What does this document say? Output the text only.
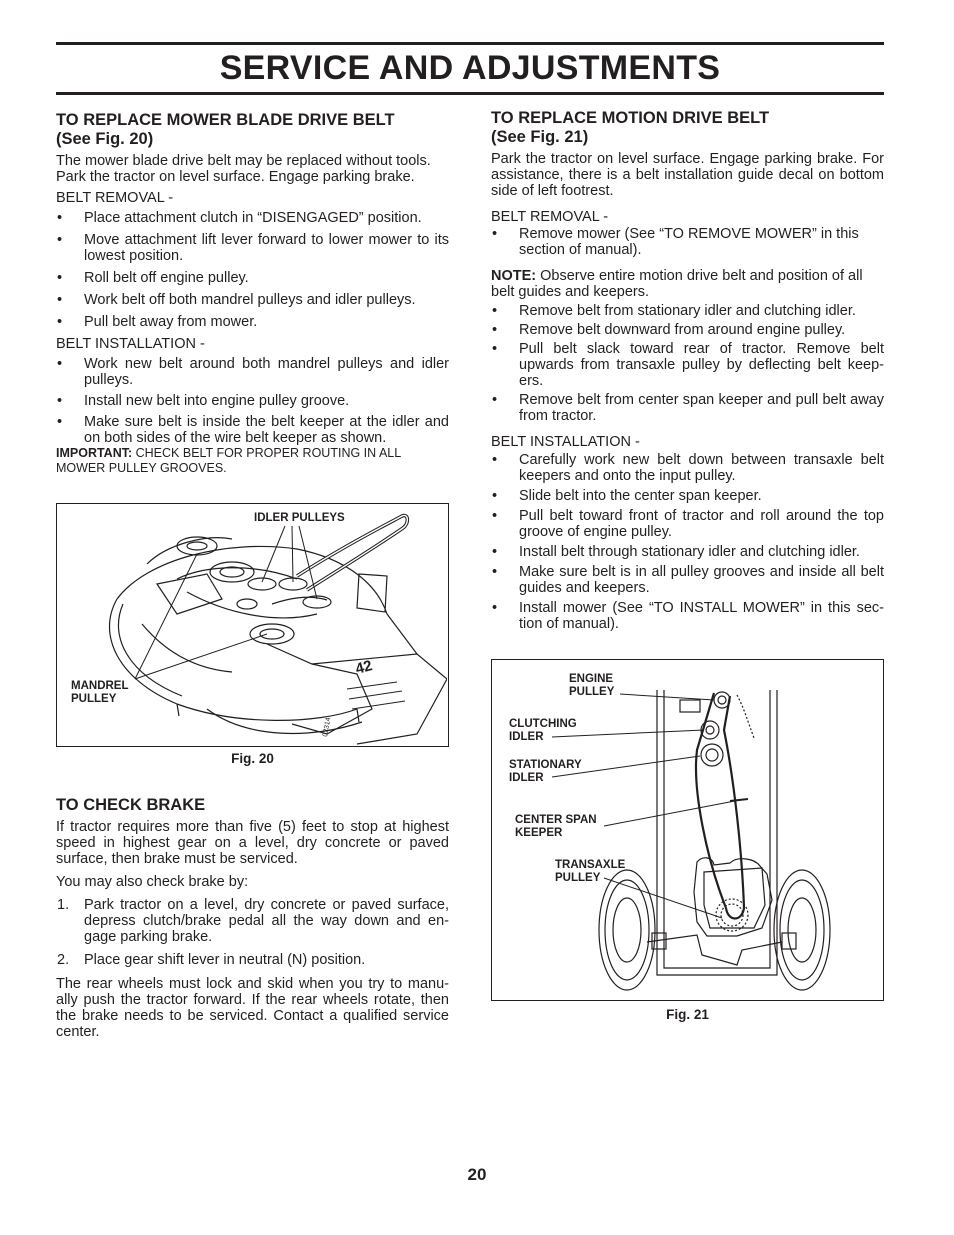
SERVICE AND ADJUSTMENTS
TO REPLACE MOWER BLADE DRIVE BELT
(See Fig. 20)

The mower blade drive belt may be replaced without tools. Park the tractor on level surface. Engage parking brake.

BELT REMOVAL -

• Place attachment clutch in “DISENGAGED” position.
• Move attachment lift lever forward to lower mower to its lowest position.
• Roll belt off engine pulley.
• Work belt off both mandrel pulleys and idler pulleys.
• Pull belt away from mower.

BELT INSTALLATION -

• Work new belt around both mandrel pulleys and idler pulleys.
• Install new belt into engine pulley groove.
• Make sure belt is inside the belt keeper at the idler and on both sides of the wire belt keeper as shown.

IMPORTANT: CHECK BELT FOR PROPER ROUTING IN ALL MOWER PULLEY GROOVES.

42
02314
IDLER PULLEYS
MANDREL
PULLEY
Fig. 20
TO CHECK BRAKE

If tractor requires more than five (5) feet to stop at highest speed in highest gear on a level, dry concrete or paved surface, then brake must be serviced.

You may also check brake by:

1. Park tractor on a level, dry concrete or paved surface, depress clutch/brake pedal all the way down and en-gage parking brake.
2. Place gear shift lever in neutral (N) position.

The rear wheels must lock and skid when you try to manu-ally push the tractor forward. If the rear wheels rotate, then the brake needs to be serviced. Contact a qualified service center.

TO REPLACE MOTION DRIVE BELT
(See Fig. 21)

Park the tractor on level surface. Engage parking brake. For assistance, there is a belt installation guide decal on bottom side of left footrest.

BELT REMOVAL -

• Remove mower (See “TO REMOVE MOWER” in this section of manual).

NOTE: Observe entire motion drive belt and position of all belt guides and keepers.

• Remove belt from stationary idler and clutching idler.
• Remove belt downward from around engine pulley.
• Pull belt slack toward rear of tractor. Remove belt upwards from transaxle pulley by deflecting belt keep-ers.
• Remove belt from center span keeper and pull belt away from tractor.

BELT INSTALLATION -

• Carefully work new belt down between transaxle belt keepers and onto the input pulley.
• Slide belt into the center span keeper.
• Pull belt toward front of tractor and roll around the top groove of engine pulley.
• Install belt through stationary idler and clutching idler.
• Make sure belt is in all pulley grooves and inside all belt guides and keepers.
• Install mower (See “TO INSTALL MOWER” in this sec-tion of manual).
ENGINE
PULLEY
CLUTCHING
IDLER
STATIONARY
IDLER
CENTER SPAN
KEEPER
TRANSAXLE
PULLEY
Fig. 21
20
